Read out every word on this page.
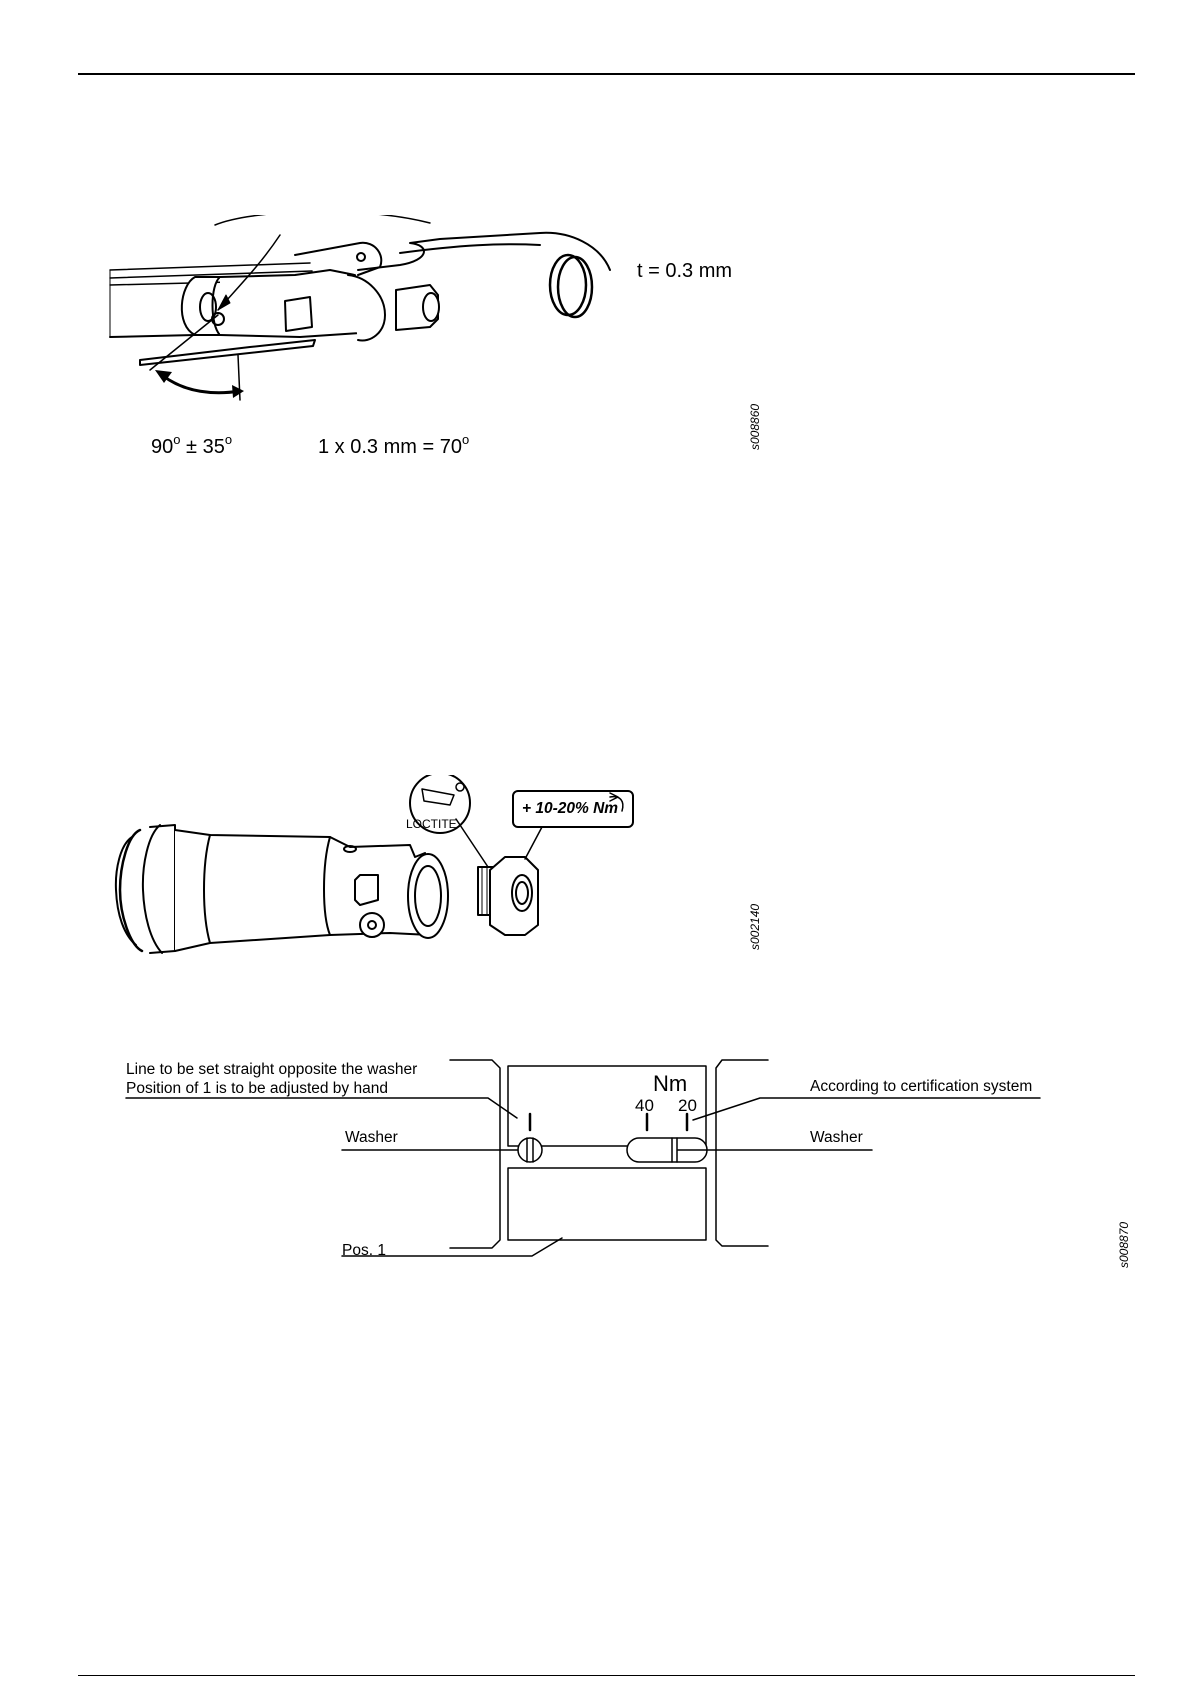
t = 0.3 mm
$90^o \pm 35^o$	1 x 0.3 mm = $70^o$	s008860
LOCTITE
+ 10-20% Nm
s002140
Line to be set straight opposite the washer
Position of 1 is to be adjusted by hand
Washer
Pos. 1
Nm
40 20
According to certification system
Washer
s008870
